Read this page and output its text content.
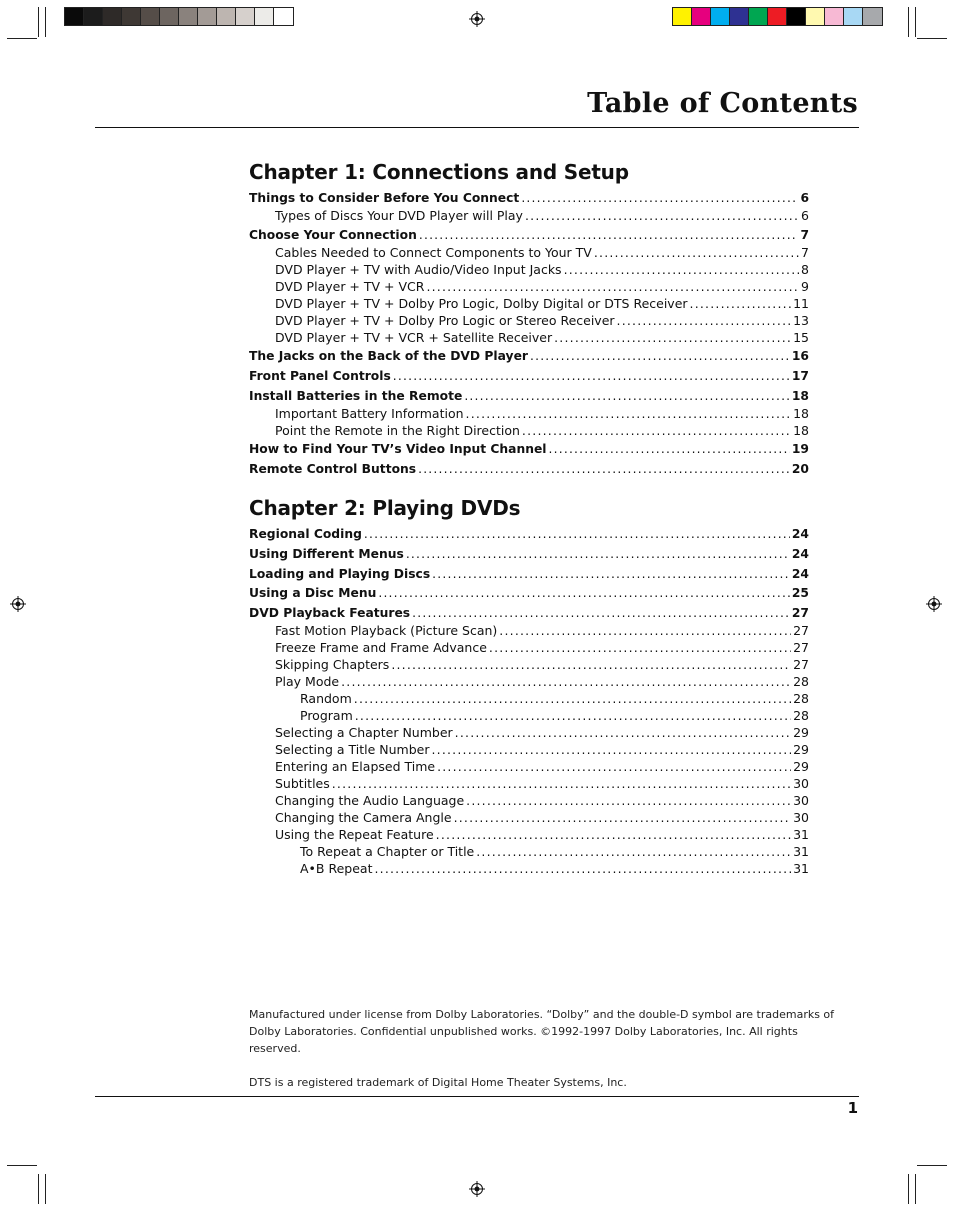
Table of Contents
Chapter 1: Connections and Setup
Things to Consider Before You Connect .....	6
Types of Discs Your DVD Player will Play .....	6
Choose Your Connection .....	7
Cables Needed to Connect Components to Your TV .....	7
DVD Player + TV with Audio/Video Input Jacks .....	8
DVD Player + TV + VCR .....	9
DVD Player + TV + Dolby Pro Logic, Dolby Digital or DTS Receiver .....	11
DVD Player + TV + Dolby Pro Logic or Stereo Receiver .....	13
DVD Player + TV + VCR + Satellite Receiver .....	15
The Jacks on the Back of the DVD Player .....	16
Front Panel Controls .....	17
Install Batteries in the Remote .....	18
Important Battery Information .....	18
Point the Remote in the Right Direction .....	18
How to Find Your TV’s Video Input Channel .....	19
Remote Control Buttons .....	20
Chapter 2: Playing DVDs
Regional Coding .....	24
Using Different Menus .....	24
Loading and Playing Discs .....	24
Using a Disc Menu .....	25
DVD Playback Features .....	27
Fast Motion Playback (Picture Scan) .....	27
Freeze Frame and Frame Advance .....	27
Skipping Chapters .....	27
Play Mode .....	28
Random .....	28
Program .....	28
Selecting a Chapter Number .....	29
Selecting a Title Number .....	29
Entering an Elapsed Time .....	29
Subtitles .....	30
Changing the Audio Language .....	30
Changing the Camera Angle .....	30
Using the Repeat Feature .....	31
To Repeat a Chapter or Title .....	31
A•B Repeat .....	31

Manufactured under license from Dolby Laboratories. “Dolby” and the double-D symbol are trademarks of Dolby Laboratories. Confidential unpublished works. ©1992-1997 Dolby Laboratories, Inc. All rights reserved.

DTS is a registered trademark of Digital Home Theater Systems, Inc.

1
